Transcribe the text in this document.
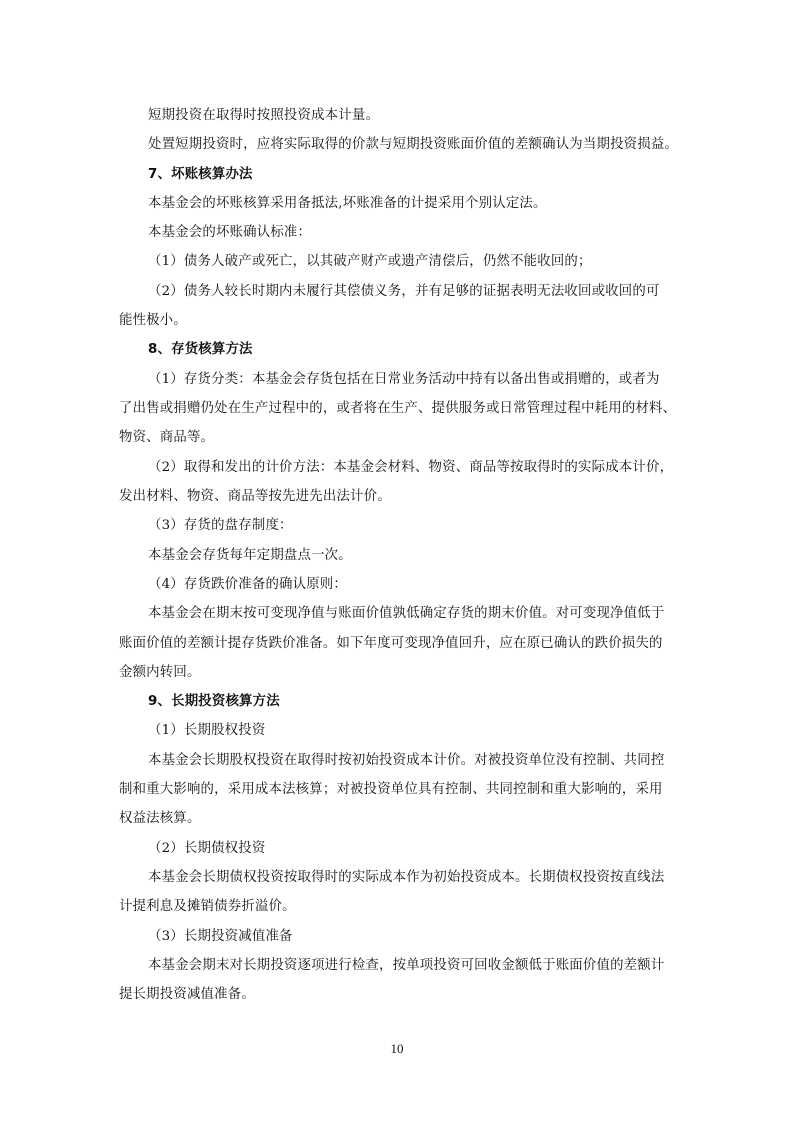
短期投资在取得时按照投资成本计量。
处置短期投资时，应将实际取得的价款与短期投资账面价值的差额确认为当期投资损益。
7、坏账核算办法
本基金会的坏账核算采用备抵法,坏账准备的计提采用个别认定法。
本基金会的坏账确认标准：
（1）债务人破产或死亡，以其破产财产或遗产清偿后，仍然不能收回的；
（2）债务人较长时期内未履行其偿债义务，并有足够的证据表明无法收回或收回的可
能性极小。
8、存货核算方法
（1）存货分类：本基金会存货包括在日常业务活动中持有以备出售或捐赠的，或者为
了出售或捐赠仍处在生产过程中的，或者将在生产、提供服务或日常管理过程中耗用的材料、
物资、商品等。
（2）取得和发出的计价方法：本基金会材料、物资、商品等按取得时的实际成本计价，
发出材料、物资、商品等按先进先出法计价。
（3）存货的盘存制度：
本基金会存货每年定期盘点一次。
（4）存货跌价准备的确认原则：
本基金会在期末按可变现净值与账面价值孰低确定存货的期末价值。对可变现净值低于
账面价值的差额计提存货跌价准备。如下年度可变现净值回升，应在原已确认的跌价损失的
金额内转回。
9、长期投资核算方法
（1）长期股权投资
本基金会长期股权投资在取得时按初始投资成本计价。对被投资单位没有控制、共同控
制和重大影响的，采用成本法核算；对被投资单位具有控制、共同控制和重大影响的，采用
权益法核算。
（2）长期债权投资
本基金会长期债权投资按取得时的实际成本作为初始投资成本。长期债权投资按直线法
计提利息及摊销债券折溢价。
（3）长期投资减值准备
本基金会期末对长期投资逐项进行检查，按单项投资可回收金额低于账面价值的差额计
提长期投资减值准备。
10
